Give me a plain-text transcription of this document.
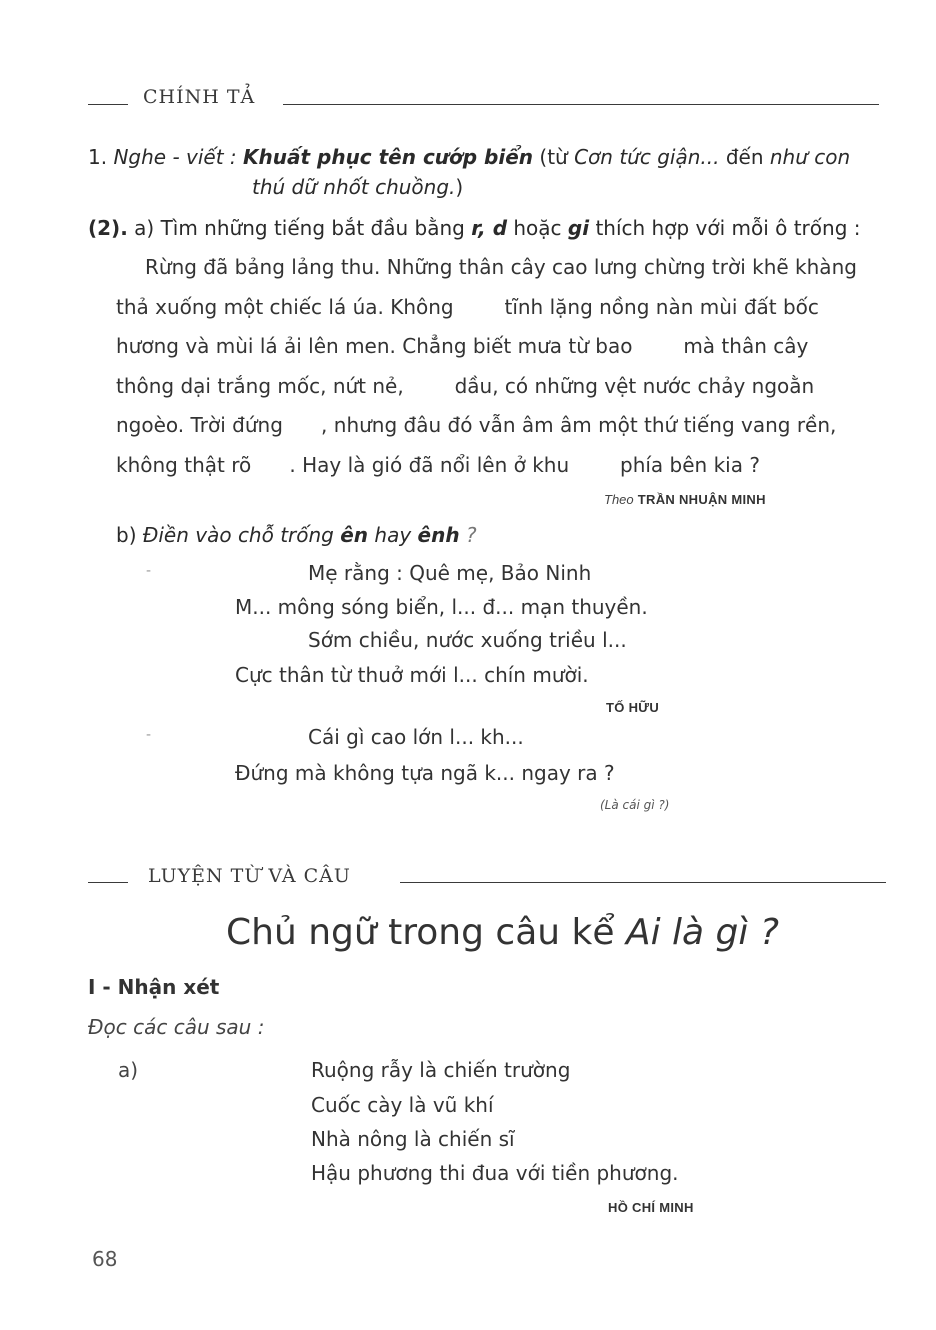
CHÍNH TẢ
1. Nghe - viết : Khuất phục tên cướp biển (từ Cơn tức giận... đến như con
thú dữ nhốt chuồng.)
(2). a) Tìm những tiếng bắt đầu bằng r, d hoặc gi thích hợp với mỗi ô trống :
Rừng đã bảng lảng thu. Những thân cây cao lưng chừng trời khẽ khàng
thả xuống một chiếc lá úa. Không        tĩnh lặng nồng nàn mùi đất bốc
hương và mùi lá ải lên men. Chẳng biết mưa từ bao        mà thân cây
thông dại trắng mốc, nứt nẻ,        dầu, có những vệt nước chảy ngoằn
ngoèo. Trời đứng      , nhưng đâu đó vẫn âm âm một thứ tiếng vang rền,
không thật rõ      . Hay là gió đã nổi lên ở khu        phía bên kia ?
Theo TRẦN NHUẬN MINH
b) Điền vào chỗ trống ên hay ênh ?
-	Mẹ rằng : Quê mẹ, Bảo Ninh
M... mông sóng biển, l... đ... mạn thuyền.
Sớm chiều, nước xuống triều l...
Cực thân từ thuở mới l... chín mười.
TỐ HỮU
-	Cái gì cao lớn l... kh...
Đứng mà không tựa ngã k... ngay ra ?
(Là cái gì ?)
LUYỆN TỪ VÀ CÂU
Chủ ngữ trong câu kể Ai là gì ?
I - Nhận xét
Đọc các câu sau :
a)	Ruộng rẫy là chiến trường
Cuốc cày là vũ khí
Nhà nông là chiến sĩ
Hậu phương thi đua với tiền phương.
HỒ CHÍ MINH
68
